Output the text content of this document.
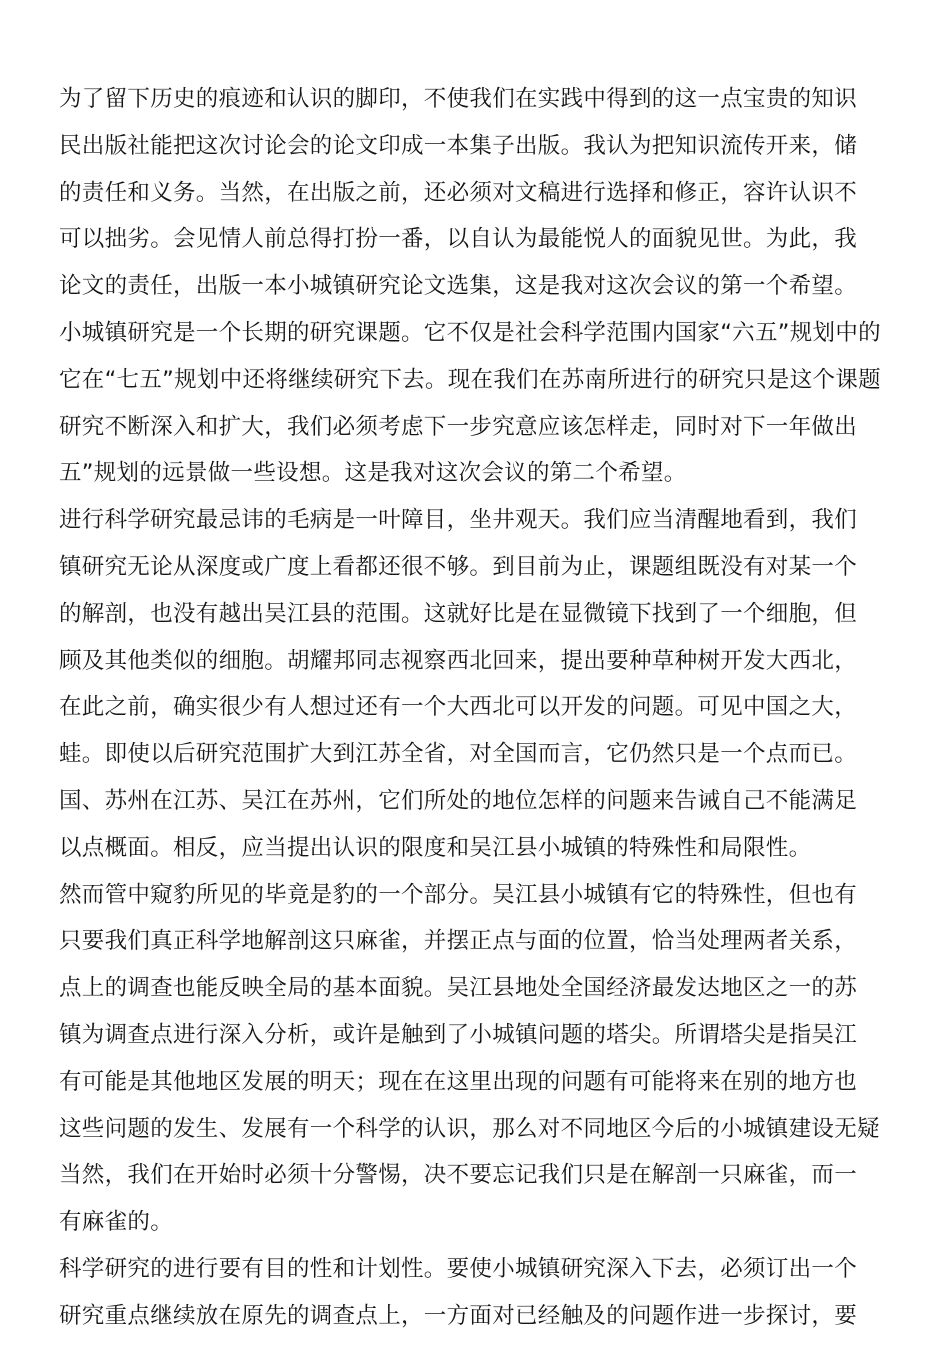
为了留下历史的痕迹和认识的脚印，不使我们在实践中得到的这一点宝贵的知识
民出版社能把这次讨论会的论文印成一本集子出版。我认为把知识流传开来，储
的责任和义务。当然，在出版之前，还必须对文稿进行选择和修正，容许认识不
可以拙劣。会见情人前总得打扮一番，以自认为最能悦人的面貌见世。为此，我
论文的责任，出版一本小城镇研究论文选集，这是我对这次会议的第一个希望。
小城镇研究是一个长期的研究课题。它不仅是社会科学范围内国家“六五”规划中的
它在“七五”规划中还将继续研究下去。现在我们在苏南所进行的研究只是这个课题
研究不断深入和扩大，我们必须考虑下一步究意应该怎样走，同时对下一年做出
五”规划的远景做一些设想。这是我对这次会议的第二个希望。
进行科学研究最忌讳的毛病是一叶障目，坐井观天。我们应当清醒地看到，我们
镇研究无论从深度或广度上看都还很不够。到目前为止，课题组既没有对某一个
的解剖，也没有越出吴江县的范围。这就好比是在显微镜下找到了一个细胞，但
顾及其他类似的细胞。胡耀邦同志视察西北回来，提出要种草种树开发大西北，
在此之前，确实很少有人想过还有一个大西北可以开发的问题。可见中国之大，
蛙。即使以后研究范围扩大到江苏全省，对全国而言，它仍然只是一个点而已。
国、苏州在江苏、吴江在苏州，它们所处的地位怎样的问题来告诫自己不能满足
以点概面。相反，应当提出认识的限度和吴江县小城镇的特殊性和局限性。
然而管中窥豹所见的毕竟是豹的一个部分。吴江县小城镇有它的特殊性，但也有
只要我们真正科学地解剖这只麻雀，并摆正点与面的位置，恰当处理两者关系，
点上的调查也能反映全局的基本面貌。吴江县地处全国经济最发达地区之一的苏
镇为调查点进行深入分析，或许是触到了小城镇问题的塔尖。所谓塔尖是指吴江
有可能是其他地区发展的明天；现在在这里出现的问题有可能将来在别的地方也
这些问题的发生、发展有一个科学的认识，那么对不同地区今后的小城镇建设无疑
当然，我们在开始时必须十分警惕，决不要忘记我们只是在解剖一只麻雀，而一
有麻雀的。
科学研究的进行要有目的性和计划性。要使小城镇研究深入下去，必须订出一个
研究重点继续放在原先的调查点上，一方面对已经触及的问题作进一步探讨，要
